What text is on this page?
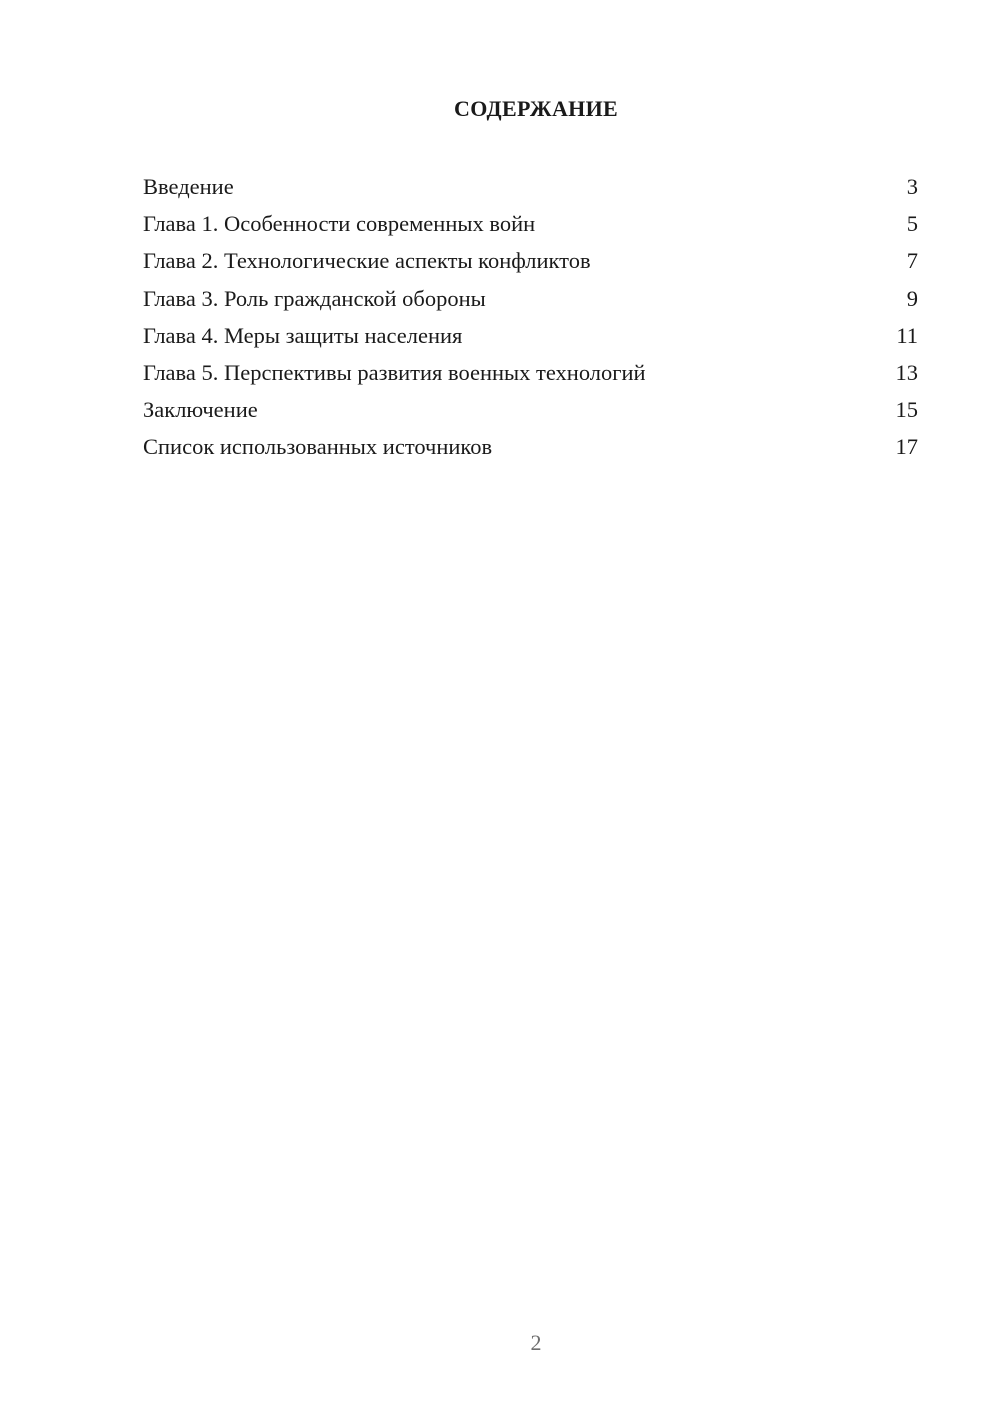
СОДЕРЖАНИЕ
Введение	3
Глава 1. Особенности современных войн	5
Глава 2. Технологические аспекты конфликтов	7
Глава 3. Роль гражданской обороны	9
Глава 4. Меры защиты населения	11
Глава 5. Перспективы развития военных технологий	13
Заключение	15
Список использованных источников	17
2
